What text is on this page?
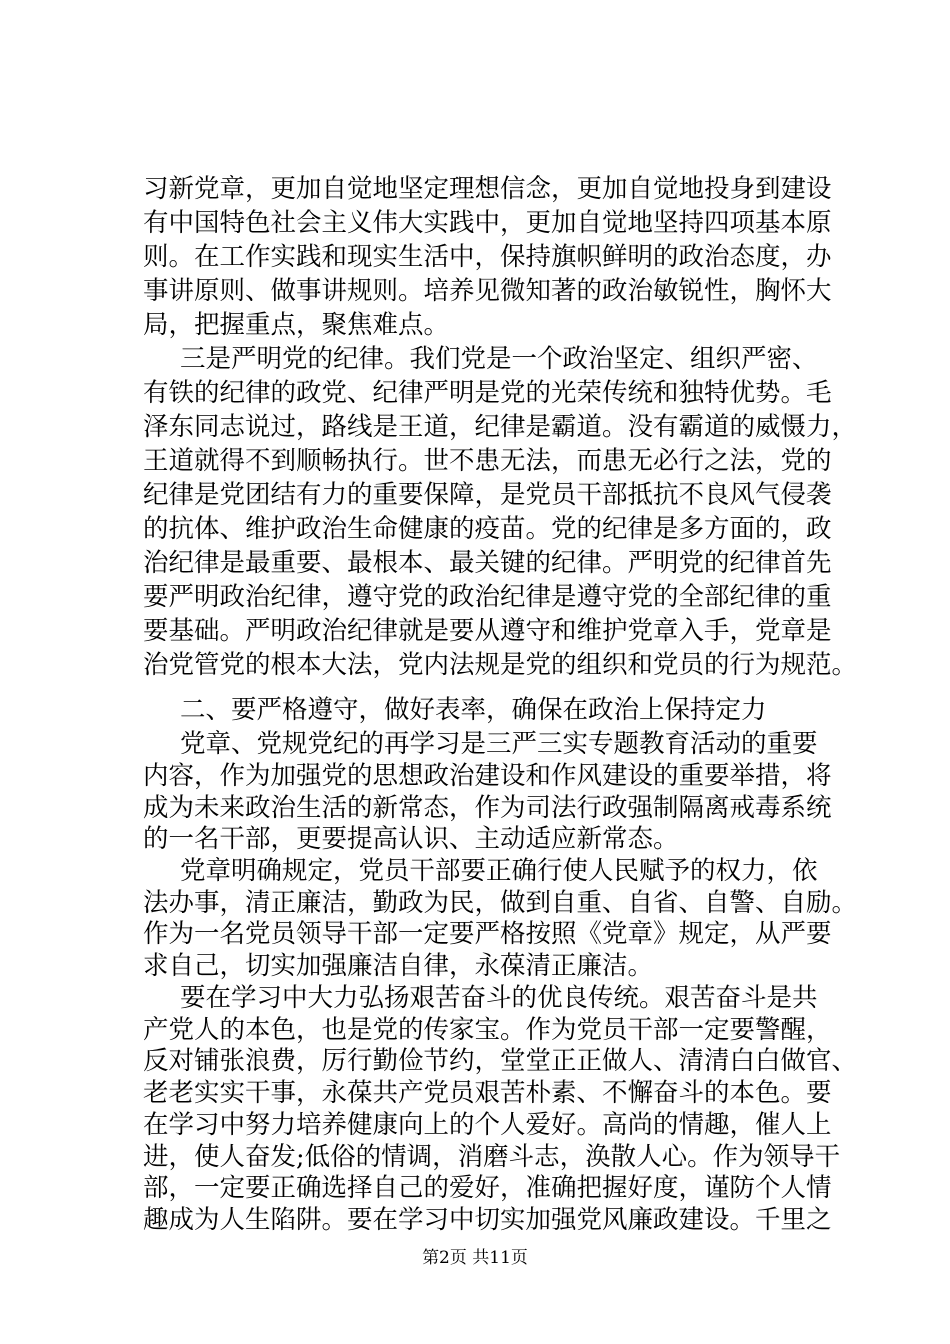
习新党章，更加自觉地坚定理想信念，更加自觉地投身到建设
有中国特色社会主义伟大实践中，更加自觉地坚持四项基本原
则。在工作实践和现实生活中，保持旗帜鲜明的政治态度，办
事讲原则、做事讲规则。培养见微知著的政治敏锐性，胸怀大
局，把握重点，聚焦难点。
三是严明党的纪律。我们党是一个政治坚定、组织严密、
有铁的纪律的政党、纪律严明是党的光荣传统和独特优势。毛
泽东同志说过，路线是王道，纪律是霸道。没有霸道的威慑力，
王道就得不到顺畅执行。世不患无法，而患无必行之法，党的
纪律是党团结有力的重要保障，是党员干部抵抗不良风气侵袭
的抗体、维护政治生命健康的疫苗。党的纪律是多方面的，政
治纪律是最重要、最根本、最关键的纪律。严明党的纪律首先
要严明政治纪律，遵守党的政治纪律是遵守党的全部纪律的重
要基础。严明政治纪律就是要从遵守和维护党章入手，党章是
治党管党的根本大法，党内法规是党的组织和党员的行为规范。
二、要严格遵守，做好表率，确保在政治上保持定力
党章、党规党纪的再学习是三严三实专题教育活动的重要
内容，作为加强党的思想政治建设和作风建设的重要举措，将
成为未来政治生活的新常态，作为司法行政强制隔离戒毒系统
的一名干部，更要提高认识、主动适应新常态。
党章明确规定，党员干部要正确行使人民赋予的权力，依
法办事，清正廉洁，勤政为民，做到自重、自省、自警、自励。
作为一名党员领导干部一定要严格按照《党章》规定，从严要
求自己，切实加强廉洁自律，永葆清正廉洁。
要在学习中大力弘扬艰苦奋斗的优良传统。艰苦奋斗是共
产党人的本色，也是党的传家宝。作为党员干部一定要警醒，
反对铺张浪费，厉行勤俭节约，堂堂正正做人、清清白白做官、
老老实实干事，永葆共产党员艰苦朴素、不懈奋斗的本色。要
在学习中努力培养健康向上的个人爱好。高尚的情趣，催人上
进，使人奋发;低俗的情调，消磨斗志，涣散人心。作为领导干
部，一定要正确选择自己的爱好，准确把握好度，谨防个人情
趣成为人生陷阱。要在学习中切实加强党风廉政建设。千里之
第2页 共11页
